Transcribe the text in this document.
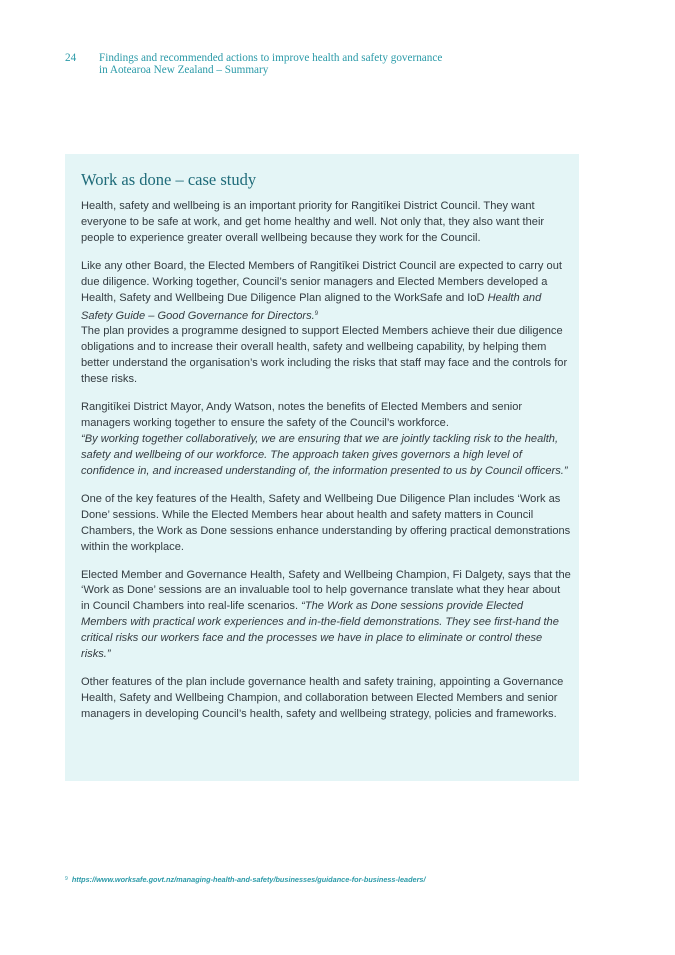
24 Findings and recommended actions to improve health and safety governance
in Aotearoa New Zealand – Summary
Work as done – case study

Health, safety and wellbeing is an important priority for Rangitīkei District Council. They want everyone to be safe at work, and get home healthy and well. Not only that, they also want their people to experience greater overall wellbeing because they work for the Council.

Like any other Board, the Elected Members of Rangitīkei District Council are expected to carry out due diligence. Working together, Council’s senior managers and Elected Members developed a Health, Safety and Wellbeing Due Diligence Plan aligned to the WorkSafe and IoD Health and Safety Guide – Good Governance for Directors.$^9$
The plan provides a programme designed to support Elected Members achieve their due diligence obligations and to increase their overall health, safety and wellbeing capability, by helping them better understand the organisation’s work including the risks that staff may face and the controls for these risks.

Rangitīkei District Mayor, Andy Watson, notes the benefits of Elected Members and senior managers working together to ensure the safety of the Council’s workforce.
“By working together collaboratively, we are ensuring that we are jointly tackling risk to the health, safety and wellbeing of our workforce. The approach taken gives governors a high level of confidence in, and increased understanding of, the information presented to us by Council officers.”

One of the key features of the Health, Safety and Wellbeing Due Diligence Plan includes ‘Work as Done’ sessions. While the Elected Members hear about health and safety matters in Council Chambers, the Work as Done sessions enhance understanding by offering practical demonstrations within the workplace.

Elected Member and Governance Health, Safety and Wellbeing Champion, Fi Dalgety, says that the ‘Work as Done’ sessions are an invaluable tool to help governance translate what they hear about in Council Chambers into real-life scenarios. “The Work as Done sessions provide Elected Members with practical work experiences and in-the-field demonstrations. They see first-hand the critical risks our workers face and the processes we have in place to eliminate or control these risks.”

Other features of the plan include governance health and safety training, appointing a Governance Health, Safety and Wellbeing Champion, and collaboration between Elected Members and senior managers in developing Council’s health, safety and wellbeing strategy, policies and frameworks.

$^9$ https://www.worksafe.govt.nz/managing-health-and-safety/businesses/guidance-for-business-leaders/
